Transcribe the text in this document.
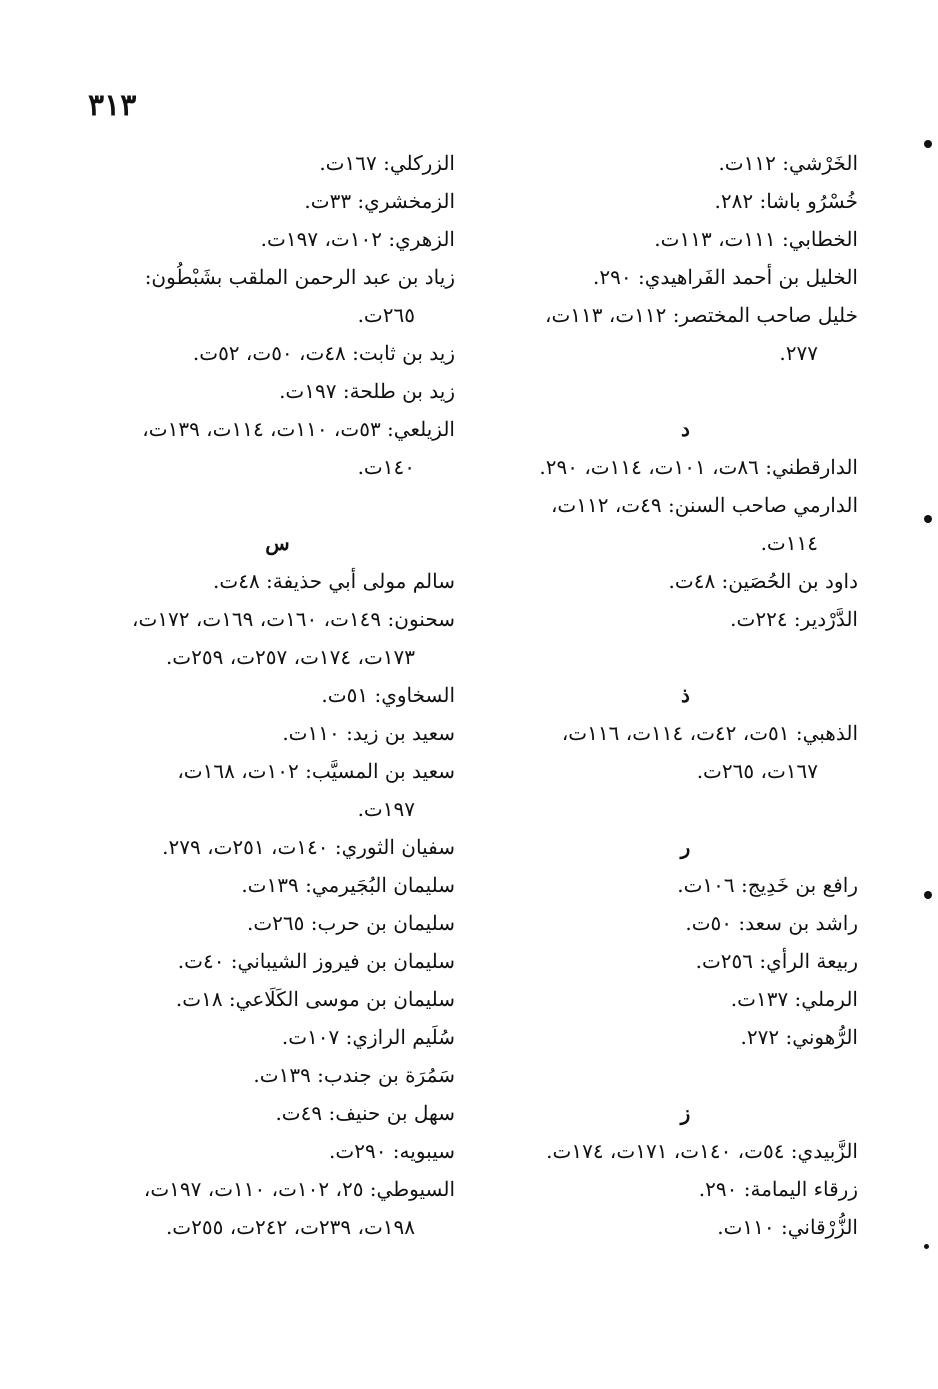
٣١٣
الخَرْشي: ١١٢ت.
خُسْرُو باشا: ٢٨٢.
الخطابي: ١١١ت، ١١٣ت.
الخليل بن أحمد الفَراهيدي: ٢٩٠.
خليل صاحب المختصر: ١١٢ت، ١١٣ت،
٢٧٧.
د
الدارقطني: ٨٦ت، ١٠١ت، ١١٤ت، ٢٩٠.
الدارمي صاحب السنن: ٤٩ت، ١١٢ت،
١١٤ت.
داود بن الحُصَين: ٤٨ت.
الدَّرْدير: ٢٢٤ت.
ذ
الذهبي: ٥١ت، ٤٢ت، ١١٤ت، ١١٦ت،
١٦٧ت، ٢٦٥ت.
ر
رافع بن خَدِيج: ١٠٦ت.
راشد بن سعد: ٥٠ت.
ربيعة الرأي: ٢٥٦ت.
الرملي: ١٣٧ت.
الرُّهوني: ٢٧٢.
ز
الزَّبيدي: ٥٤ت، ١٤٠ت، ١٧١ت، ١٧٤ت.
زرقاء اليمامة: ٢٩٠.
الزُّرْقاني: ١١٠ت.
الزركلي: ١٦٧ت.
الزمخشري: ٣٣ت.
الزهري: ١٠٢ت، ١٩٧ت.
زياد بن عبد الرحمن الملقب بشَبْطُون:
٢٦٥ت.
زيد بن ثابت: ٤٨ت، ٥٠ت، ٥٢ت.
زيد بن طلحة: ١٩٧ت.
الزيلعي: ٥٣ت، ١١٠ت، ١١٤ت، ١٣٩ت،
١٤٠ت.
س
سالم مولى أبي حذيفة: ٤٨ت.
سحنون: ١٤٩ت، ١٦٠ت، ١٦٩ت، ١٧٢ت،
١٧٣ت، ١٧٤ت، ٢٥٧ت، ٢٥٩ت.
السخاوي: ٥١ت.
سعيد بن زيد: ١١٠ت.
سعيد بن المسيَّب: ١٠٢ت، ١٦٨ت،
١٩٧ت.
سفيان الثوري: ١٤٠ت، ٢٥١ت، ٢٧٩.
سليمان البُجَيرمي: ١٣٩ت.
سليمان بن حرب: ٢٦٥ت.
سليمان بن فيروز الشيباني: ٤٠ت.
سليمان بن موسى الكَلَاعي: ١٨ت.
سُلَيم الرازي: ١٠٧ت.
سَمُرَة بن جندب: ١٣٩ت.
سهل بن حنيف: ٤٩ت.
سيبويه: ٢٩٠ت.
السيوطي: ٢٥، ١٠٢ت، ١١٠ت، ١٩٧ت،
١٩٨ت، ٢٣٩ت، ٢٤٢ت، ٢٥٥ت.
